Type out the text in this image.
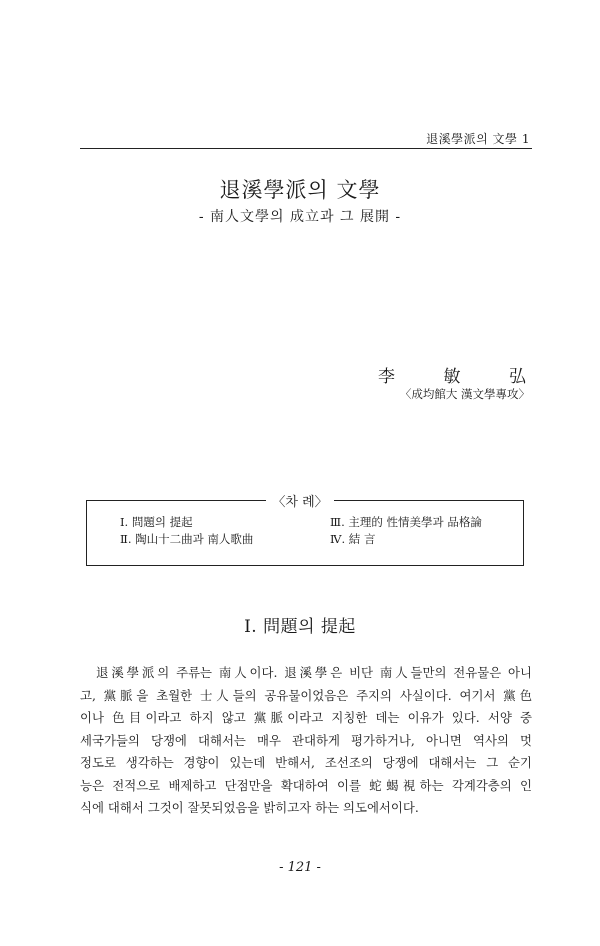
退溪學派의 文學 1
退溪學派의 文學
- 南人文學의 成立과 그 展開 -
李	敏	弘
〈成均館大 漢文學專攻〉
〈차 례〉
Ⅰ. 問題의 提起
Ⅱ. 陶山十二曲과 南人歌曲
Ⅲ. 主理的 性情美學과 品格論
Ⅳ. 結 言
Ⅰ. 問題의 提起
退溪學派의 주류는 南人이다. 退溪學은 비단 南人들만의 전유물은 아니
고, 黨脈을 초월한 士人들의 공유물이었음은 주지의 사실이다. 여기서 黨色
이나 色目이라고 하지 않고 黨脈이라고 지칭한 데는 이유가 있다. 서양 중
세국가들의 당쟁에 대해서는 매우 관대하게 평가하거나, 아니면 역사의 멋
정도로 생각하는 경향이 있는데 반해서, 조선조의 당쟁에 대해서는 그 순기
능은 전적으로 배제하고 단점만을 확대하여 이를 蛇蝎視하는 각계각층의 인
식에 대해서 그것이 잘못되었음을 밝히고자 하는 의도에서이다.
- 121 -
